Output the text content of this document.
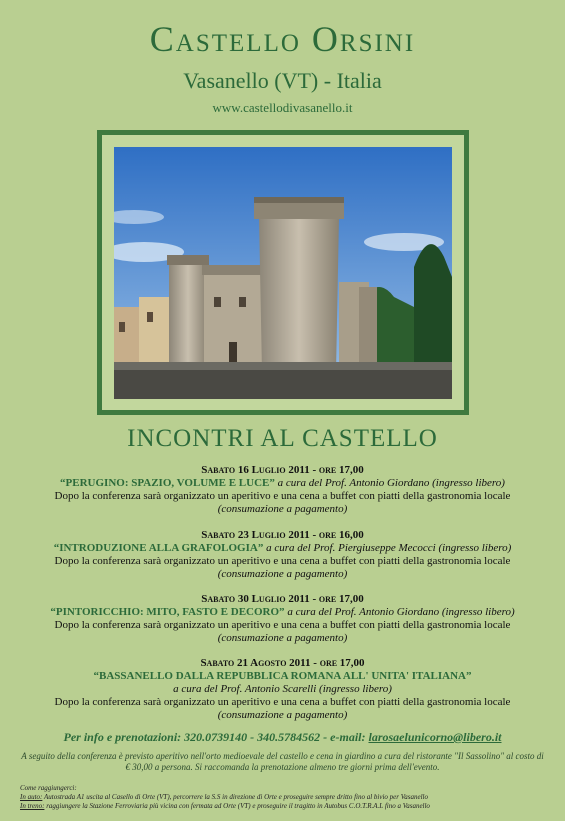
Castello Orsini
Vasanello (VT) - Italia
www.castellodivasanello.it
INCONTRI AL CASTELLO
Sabato 16 Luglio 2011 - ore 17,00
“PERUGINO: SPAZIO, VOLUME E LUCE” a cura del Prof. Antonio Giordano (ingresso libero)
Dopo la conferenza sarà organizzato un aperitivo e una cena a buffet con piatti della gastronomia locale
(consumazione a pagamento)
Sabato 23 Luglio 2011 - ore 16,00
“INTRODUZIONE ALLA GRAFOLOGIA” a cura del Prof. Piergiuseppe Mecocci (ingresso libero)
Dopo la conferenza sarà organizzato un aperitivo e una cena a buffet con piatti della gastronomia locale
(consumazione a pagamento)
Sabato 30 Luglio 2011 - ore 17,00
“PINTORICCHIO: MITO, FASTO E DECORO” a cura del Prof. Antonio Giordano (ingresso libero)
Dopo la conferenza sarà organizzato un aperitivo e una cena a buffet con piatti della gastronomia locale
(consumazione a pagamento)
Sabato 21 Agosto 2011 - ore 17,00
“BASSANELLO DALLA REPUBBLICA ROMANA ALL' UNITA' ITALIANA”
a cura del Prof. Antonio Scarelli (ingresso libero)
Dopo la conferenza sarà organizzato un aperitivo e una cena a buffet con piatti della gastronomia locale
(consumazione a pagamento)
Per info e prenotazioni: 320.0739140 - 340.5784562 - e-mail: larosaelunicorno@libero.it
A seguito della conferenza è previsto aperitivo nell'orto medioevale del castello e cena in giardino a cura del ristorante "Il Sassolino" al costo di € 30,00 a persona. Si raccomanda la prenotazione almeno tre giorni prima dell'evento.
Come raggiungerci:
In auto: Autostrada A1 uscita al Casello di Orte (VT), percorrere la S.S in direzione di Orte e proseguire sempre dritto fino al bivio per Vasanello
In treno: raggiungere la Stazione Ferroviaria più vicina con fermata ad Orte (VT) e proseguire il tragitto in Autobus C.O.T.R.A.L fino a Vasanello
